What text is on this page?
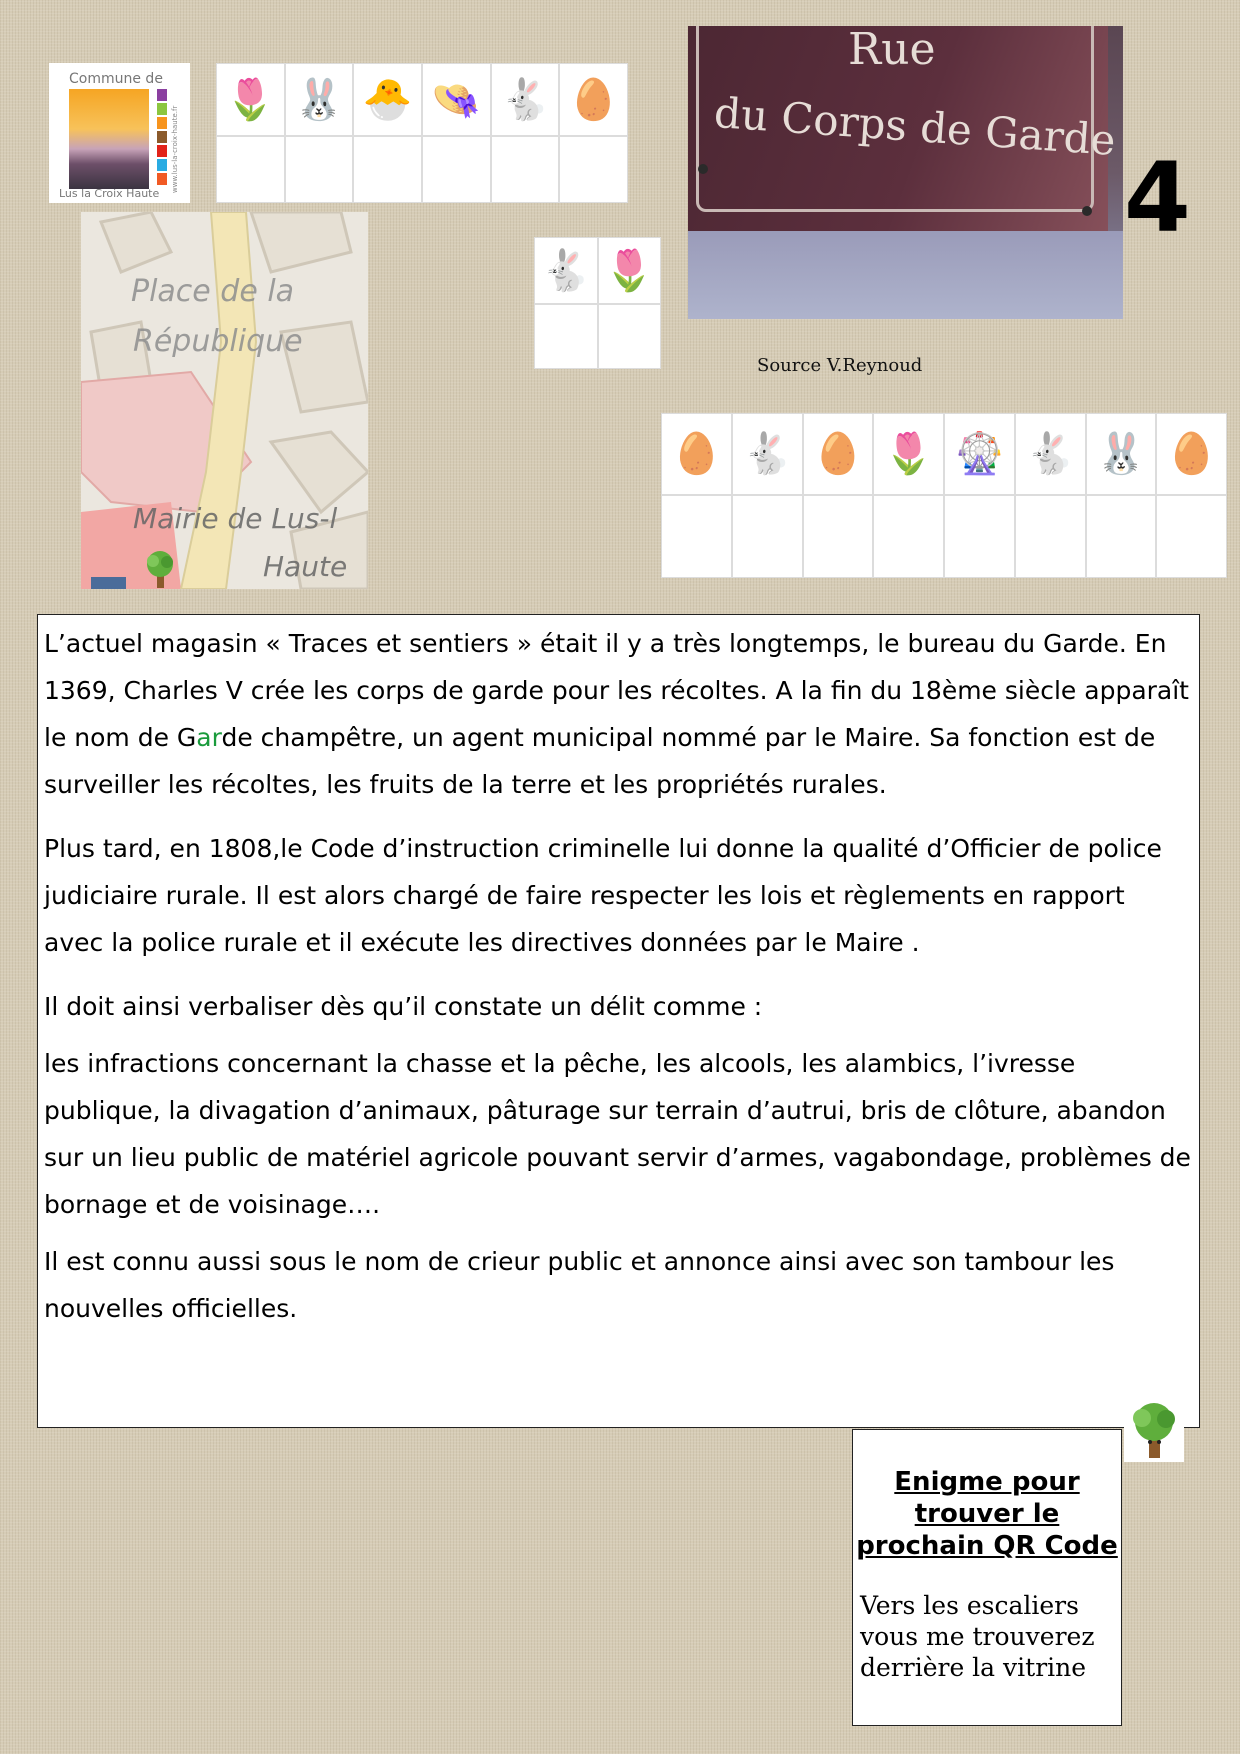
Commune de
Lus la Croix Haute
www.lus-la-croix-haute.fr
🌷 🐰 🐣 👒 🐇 🥚
Place de la
République
Mairie de Lus-l
Haute
🐇 🌷
Rue
du Corps de Garde
4
Source V.Reynoud
🥚 🐇 🥚 🌷 🎡 🐇 🐰 🥚

L’actuel magasin « Traces et sentiers » était il y a très longtemps, le bureau du Garde. En 1369, Charles V crée les corps de garde pour les récoltes. A la fin du 18ème siècle apparaît le nom de Garde champêtre, un agent municipal nommé par le Maire. Sa fonction est de surveiller les récoltes, les fruits de la terre et les propriétés rurales.

Plus tard, en 1808,le Code d’instruction criminelle lui donne la qualité d’Officier de police judiciaire rurale. Il est alors chargé de faire respecter les lois et règlements en rapport avec la police rurale et il exécute les directives données par le Maire .

Il doit ainsi verbaliser dès qu’il constate un délit comme :

les infractions concernant la chasse et la pêche, les alcools, les alambics, l’ivresse publique, la divagation d’animaux, pâturage sur terrain d’autrui, bris de clôture, abandon sur un lieu public de matériel agricole pouvant servir d’armes, vagabondage, problèmes de bornage et de voisinage….

Il est connu aussi sous le nom de crieur public et annonce ainsi avec son tambour les nouvelles officielles.

Enigme pour trouver le prochain QR Code
Vers les escaliers vous me trouverez derrière la vitrine
